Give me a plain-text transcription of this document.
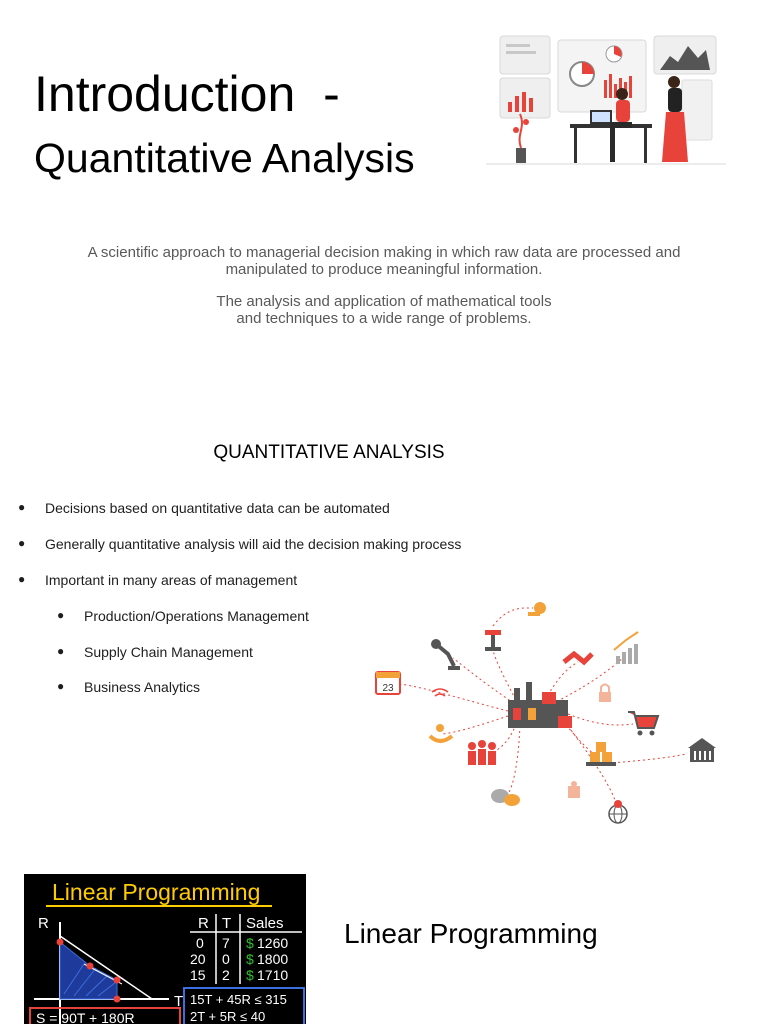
Introduction  -
Quantitative Analysis
A scientific approach to managerial decision making in which raw data are processed and
manipulated to produce meaningful information.
The analysis and application of mathematical tools
and techniques to a wide range of problems.
QUANTITATIVE ANALYSIS
● Decisions based on quantitative data can be automated
● Generally quantitative analysis will aid the decision making process
● Important in many areas of management
● Production/Operations Management
● Supply Chain Management
● Business Analytics	23
Linear Programming
R
T
R T Sales
0 7 $ 1260
20 0 $ 1800
15 2 $ 1710
S = 90T + 180R
15T + 45R ≤ 315
2T + 5R ≤ 40
Linear Programming
